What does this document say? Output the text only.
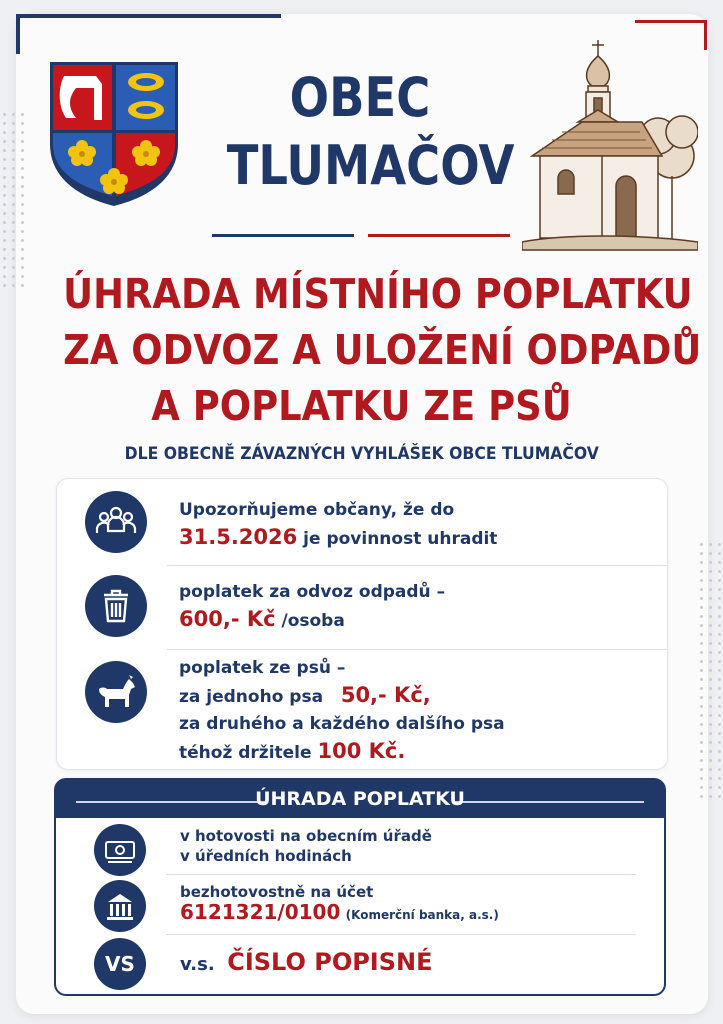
OBEC
TLUMAČOV
ÚHRADA MÍSTNÍHO POPLATKU
ZA ODVOZ A ULOŽENÍ ODPADŮ
A POPLATKU ZE PSŮ
DLE OBECNĚ ZÁVAZNÝCH VYHLÁŠEK OBCE TLUMAČOV
Upozorňujeme občany, že do
31.5.2026 je povinnost uhradit
poplatek za odvoz odpadů –
600,- Kč /osoba
poplatek ze psů –
za jednoho psa 50,- Kč,
za druhého a každého dalšího psa
téhož držitele 100 Kč.
ÚHRADA POPLATKU
v hotovosti na obecním úřadě
v úředních hodinách
bezhotovostně na účet
6121321/0100 (Komerční banka, a.s.)
VS	v.s. ČÍSLO POPISNÉ
